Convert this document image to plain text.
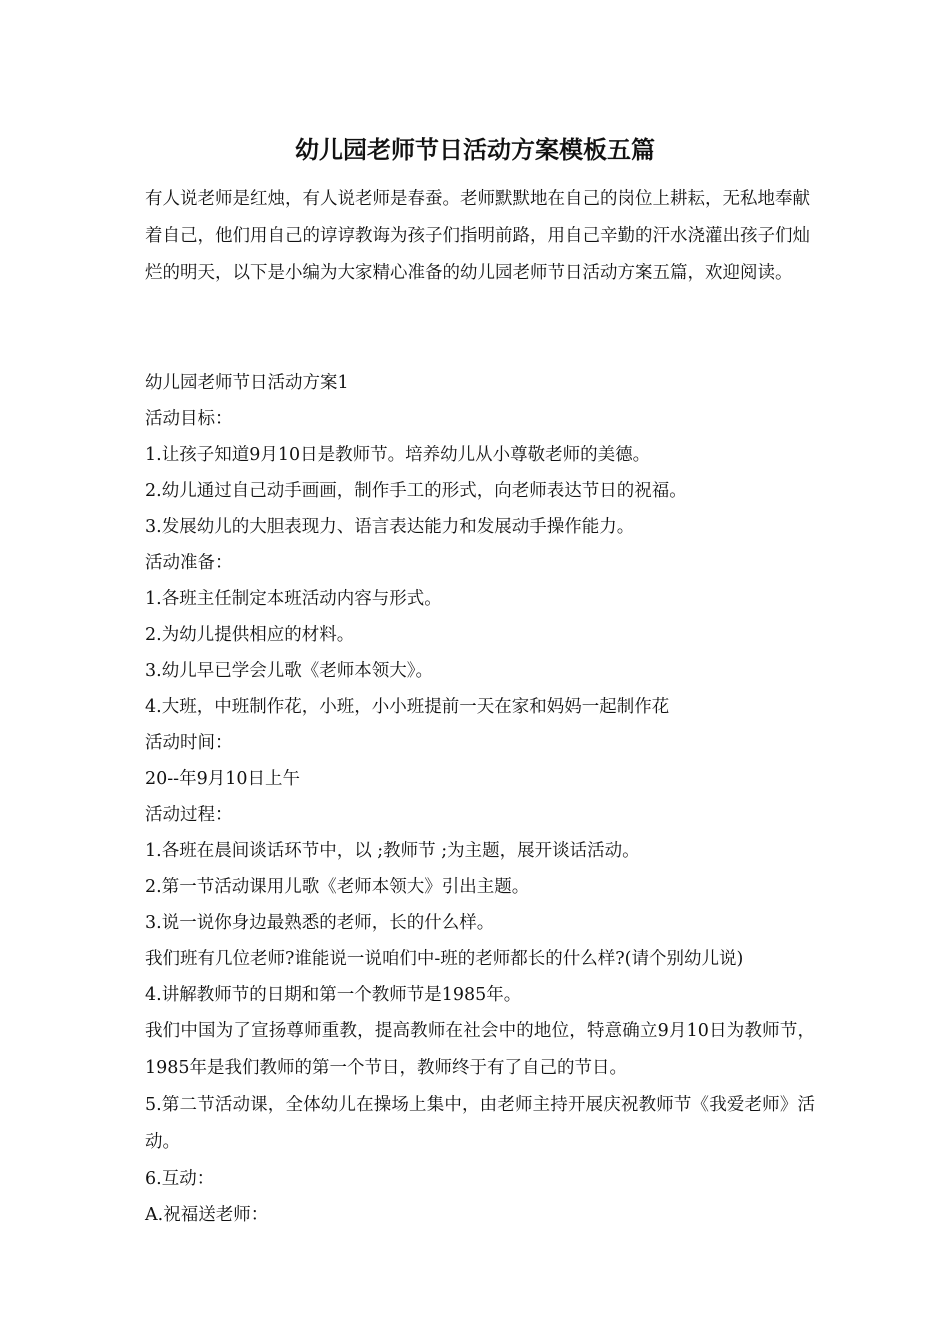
幼儿园老师节日活动方案模板五篇

有人说老师是红烛，有人说老师是春蚕。老师默默地在自己的岗位上耕耘，无私地奉献着自己，他们用自己的谆谆教诲为孩子们指明前路，用自己辛勤的汗水浇灌出孩子们灿烂的明天，以下是小编为大家精心准备的幼儿园老师节日活动方案五篇，欢迎阅读。

幼儿园老师节日活动方案1

活动目标：

1.让孩子知道9月10日是教师节。培养幼儿从小尊敬老师的美德。

2.幼儿通过自己动手画画，制作手工的形式，向老师表达节日的祝福。

3.发展幼儿的大胆表现力、语言表达能力和发展动手操作能力。

活动准备：

1.各班主任制定本班活动内容与形式。

2.为幼儿提供相应的材料。

3.幼儿早已学会儿歌《老师本领大》。

4.大班，中班制作花，小班，小小班提前一天在家和妈妈一起制作花

活动时间：

20--年9月10日上午

活动过程：

1.各班在晨间谈话环节中，以 ;教师节 ;为主题，展开谈话活动。

2.第一节活动课用儿歌《老师本领大》引出主题。

3.说一说你身边最熟悉的老师，长的什么样。

我们班有几位老师?谁能说一说咱们中-班的老师都长的什么样?(请个别幼儿说)

4.讲解教师节的日期和第一个教师节是1985年。

我们中国为了宣扬尊师重教，提高教师在社会中的地位，特意确立9月10日为教师节，1985年是我们教师的第一个节日，教师终于有了自己的节日。

5.第二节活动课，全体幼儿在操场上集中，由老师主持开展庆祝教师节《我爱老师》活动。

6.互动：

A.祝福送老师：
